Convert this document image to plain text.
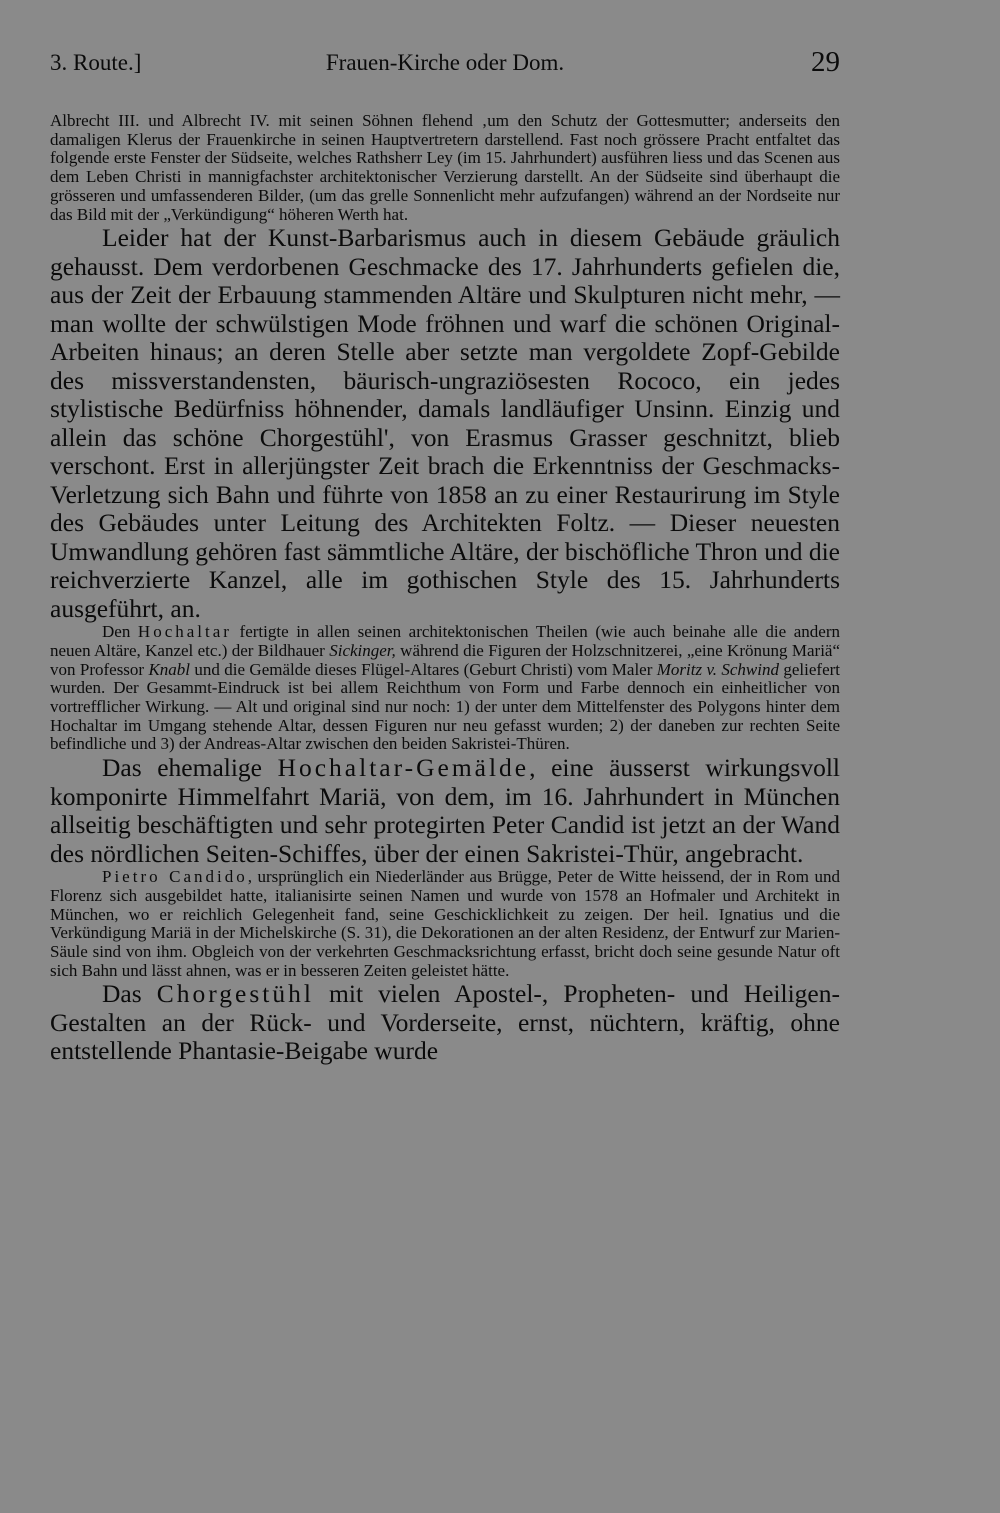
3. Route.]	Frauen-Kirche oder Dom.	29

Albrecht III. und Albrecht IV. mit seinen Söhnen flehend ‚um den Schutz der Gottesmutter; anderseits den damaligen Klerus der Frauenkirche in seinen Hauptvertretern darstellend. Fast noch grössere Pracht entfaltet das folgende erste Fenster der Südseite, welches Rathsherr Ley (im 15. Jahrhundert) ausführen liess und das Scenen aus dem Leben Christi in mannigfachster architektonischer Verzierung darstellt. An der Südseite sind überhaupt die grösseren und umfassenderen Bilder, (um das grelle Sonnenlicht mehr aufzufangen) während an der Nordseite nur das Bild mit der „Verkündigung“ höheren Werth hat.

Leider hat der Kunst-Barbarismus auch in diesem Gebäude gräulich gehausst. Dem verdorbenen Geschmacke des 17. Jahrhunderts gefielen die, aus der Zeit der Erbauung stammenden Altäre und Skulpturen nicht mehr, — man wollte der schwülstigen Mode fröhnen und warf die schönen Original-Arbeiten hinaus; an deren Stelle aber setzte man vergoldete Zopf-Gebilde des missverstandensten, bäurisch-ungraziösesten Rococo, ein jedes stylistische Bedürfniss höhnender, damals landläufiger Unsinn. Einzig und allein das schöne Chorgestühl', von Erasmus Grasser geschnitzt, blieb verschont. Erst in allerjüngster Zeit brach die Erkenntniss der Geschmacks-Verletzung sich Bahn und führte von 1858 an zu einer Restaurirung im Style des Gebäudes unter Leitung des Architekten Foltz. — Dieser neuesten Umwandlung gehören fast sämmtliche Altäre, der bischöfliche Thron und die reichverzierte Kanzel, alle im gothischen Style des 15. Jahrhunderts ausgeführt, an.

Den Hochaltar fertigte in allen seinen architektonischen Theilen (wie auch beinahe alle die andern neuen Altäre, Kanzel etc.) der Bildhauer Sickinger, während die Figuren der Holzschnitzerei, „eine Krönung Mariä“ von Professor Knabl und die Gemälde dieses Flügel-Altares (Geburt Christi) vom Maler Moritz v. Schwind geliefert wurden. Der Gesammt-Eindruck ist bei allem Reichthum von Form und Farbe dennoch ein einheitlicher von vortrefflicher Wirkung. — Alt und original sind nur noch: 1) der unter dem Mittelfenster des Polygons hinter dem Hochaltar im Umgang stehende Altar, dessen Figuren nur neu gefasst wurden; 2) der daneben zur rechten Seite befindliche und 3) der Andreas-Altar zwischen den beiden Sakristei-Thüren.

Das ehemalige Hochaltar-Gemälde, eine äusserst wirkungsvoll komponirte Himmelfahrt Mariä, von dem, im 16. Jahrhundert in München allseitig beschäftigten und sehr protegirten Peter Candid ist jetzt an der Wand des nördlichen Seiten-Schiffes, über der einen Sakristei-Thür, angebracht.

Pietro Candido, ursprünglich ein Niederländer aus Brügge, Peter de Witte heissend, der in Rom und Florenz sich ausgebildet hatte, italianisirte seinen Namen und wurde von 1578 an Hofmaler und Architekt in München, wo er reichlich Gelegenheit fand, seine Geschicklichkeit zu zeigen. Der heil. Ignatius und die Verkündigung Mariä in der Michelskirche (S. 31), die Dekorationen an der alten Residenz, der Entwurf zur Marien-Säule sind von ihm. Obgleich von der verkehrten Geschmacksrichtung erfasst, bricht doch seine gesunde Natur oft sich Bahn und lässt ahnen, was er in besseren Zeiten geleistet hätte.

Das Chorgestühl mit vielen Apostel-, Propheten- und Heiligen-Gestalten an der Rück- und Vorderseite, ernst, nüchtern, kräftig, ohne entstellende Phantasie-Beigabe wurde
